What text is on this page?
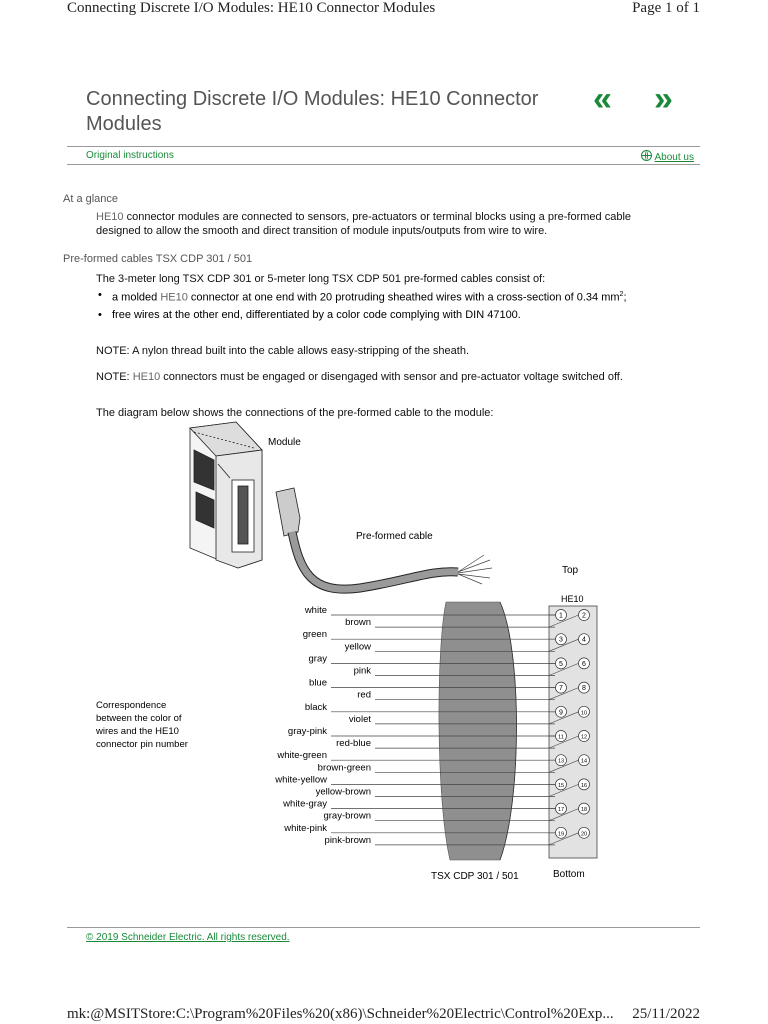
Connecting Discrete I/O Modules: HE10 Connector Modules	Page 1 of 1
Connecting Discrete I/O Modules: HE10 Connector Modules
« »
Original instructions	About us
At a glance
HE10 connector modules are connected to sensors, pre-actuators or terminal blocks using a pre-formed cable designed to allow the smooth and direct transition of module inputs/outputs from wire to wire.
Pre-formed cables TSX CDP 301 / 501
The 3-meter long TSX CDP 301 or 5-meter long TSX CDP 501 pre-formed cables consist of:
• a molded HE10 connector at one end with 20 protruding sheathed wires with a cross-section of 0.34 $mm^2$;
• free wires at the other end, differentiated by a color code complying with DIN 47100.
NOTE: A nylon thread built into the cable allows easy-stripping of the sheath.
NOTE: HE10 connectors must be engaged or disengaged with sensor and pre-actuator voltage switched off.
The diagram below shows the connections of the pre-formed cable to the module:
Module
Pre-formed cable
Top
HE10
1	2
3	4
5	6
7	8
9	10
11	12
13	14
15	16
17	18
19	20
white
brown
green
yellow
gray
pink
blue
red
black
violet
gray-pink
red-blue
white-green
brown-green
white-yellow
yellow-brown
white-gray
gray-brown
white-pink
pink-brown
Correspondence
between the color of
wires and the HE10
connector pin number
TSX CDP 301 / 501	Bottom
© 2019 Schneider Electric. All rights reserved.
mk:@MSITStore:C:\Program%20Files%20(x86)\Schneider%20Electric\Control%20Exp... 25/11/2022
